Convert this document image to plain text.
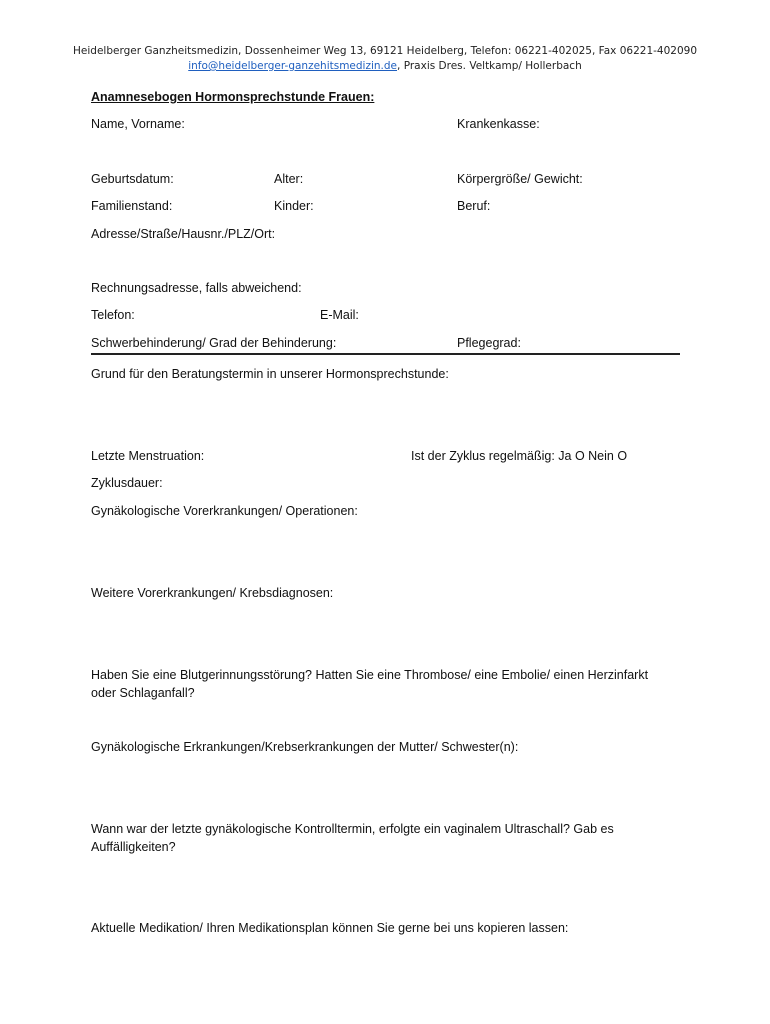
Heidelberger Ganzheitsmedizin, Dossenheimer Weg 13, 69121 Heidelberg, Telefon: 06221-402025, Fax 06221-402090
info@heidelberger-ganzehitsmedizin.de, Praxis Dres. Veltkamp/ Hollerbach
Anamnesebogen Hormonsprechstunde Frauen:
Name, Vorname:	Krankenkasse:
Geburtsdatum:	Alter:	Körpergröße/ Gewicht:
Familienstand:	Kinder:	Beruf:
Adresse/Straße/Hausnr./PLZ/Ort:
Rechnungsadresse, falls abweichend:
Telefon:	E-Mail:
Schwerbehinderung/ Grad der Behinderung:	Pflegegrad:
Grund für den Beratungstermin in unserer Hormonsprechstunde:
Letzte Menstruation:	Ist der Zyklus regelmäßig: Ja O Nein O
Zyklusdauer:
Gynäkologische Vorerkrankungen/ Operationen:
Weitere Vorerkrankungen/ Krebsdiagnosen:
Haben Sie eine Blutgerinnungsstörung? Hatten Sie eine Thrombose/ eine Embolie/ einen Herzinfarkt
oder Schlaganfall?
Gynäkologische Erkrankungen/Krebserkrankungen der Mutter/ Schwester(n):
Wann war der letzte gynäkologische Kontrolltermin, erfolgte ein vaginalem Ultraschall? Gab es
Auffälligkeiten?
Aktuelle Medikation/ Ihren Medikationsplan können Sie gerne bei uns kopieren lassen:
